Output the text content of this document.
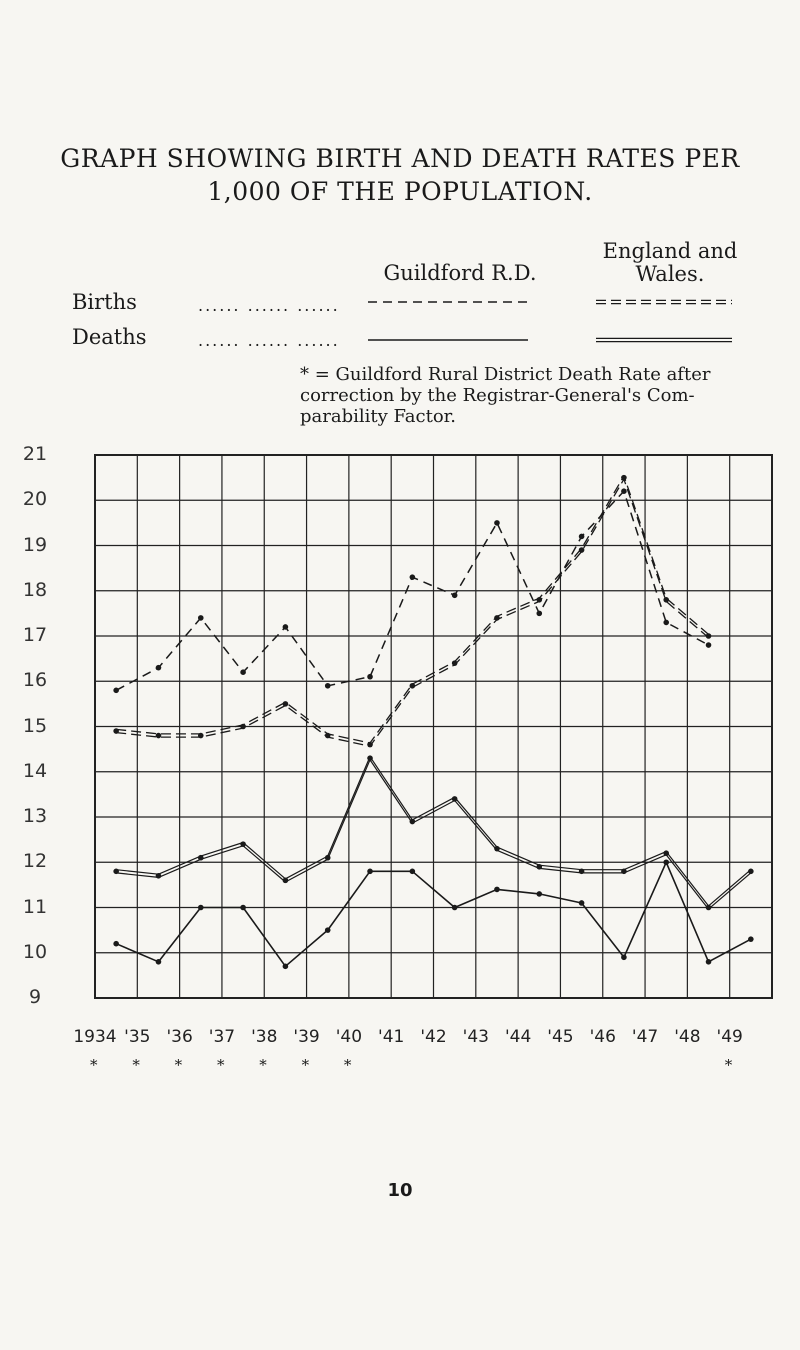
GRAPH SHOWING BIRTH AND DEATH RATES PER
1,000 OF THE POPULATION.
Guildford R.D.
England and
Wales.
Births	...... ...... ......
Deaths	...... ...... ......
* = Guildford Rural District Death Rate after
correction by the Registrar-General's Com-
parability Factor.
21
20
19
18
17
16
15
14
13
12
11
10
9
1934
*
'35
*
'36
*
'37
*
'38
*
'39
*
'40
*
'41 '42 '43 '44 '45 '46 '47 '48 '49
*
10
